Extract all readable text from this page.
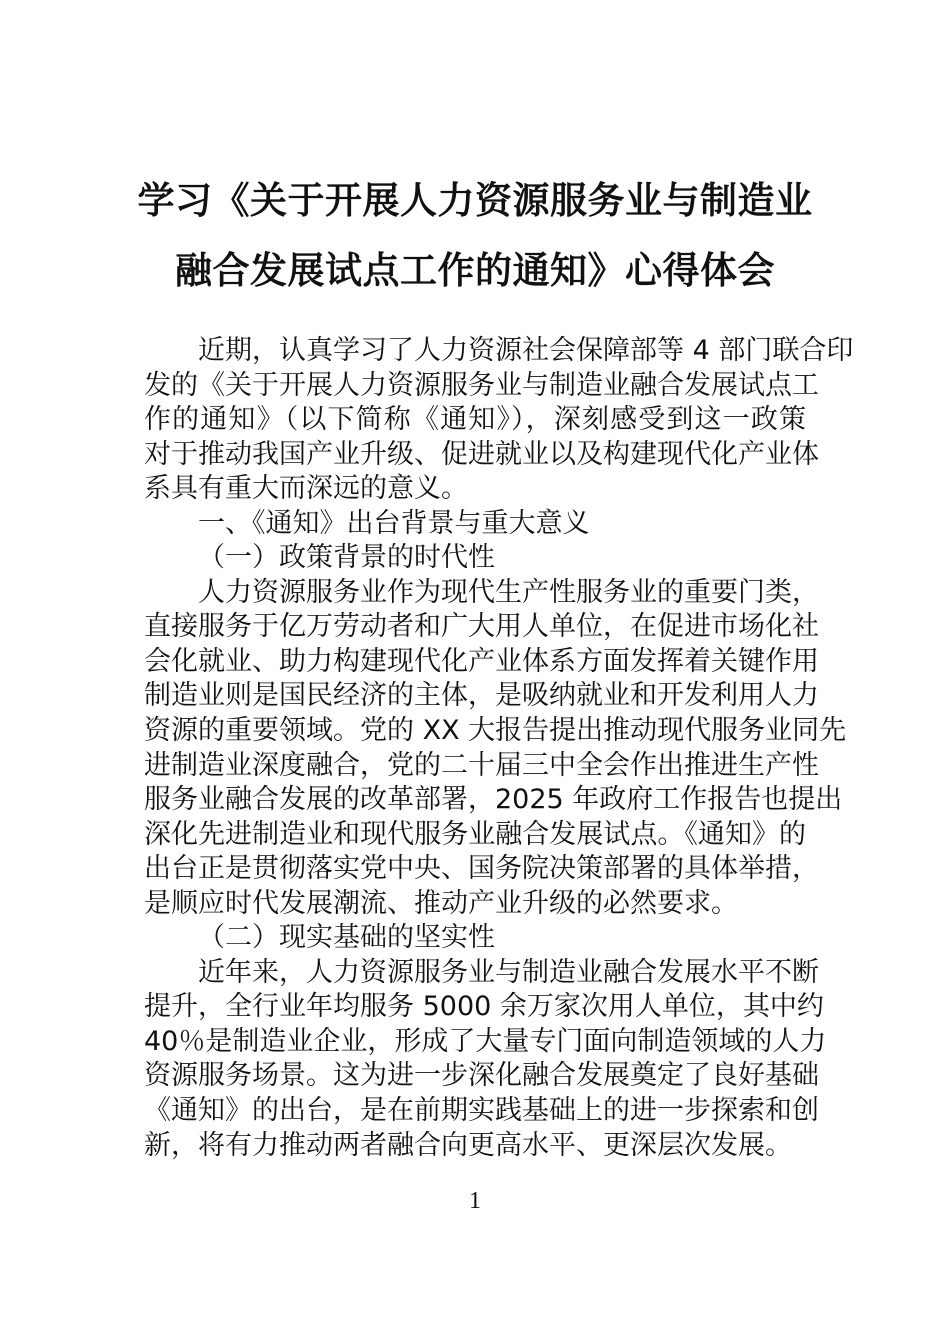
学习《关于开展人力资源服务业与制造业
融合发展试点工作的通知》心得体会
近期，认真学习了人力资源社会保障部等 4 部门联合印
发的《关于开展人力资源服务业与制造业融合发展试点工
作的通知》（以下简称《通知》），深刻感受到这一政策
对于推动我国产业升级、促进就业以及构建现代化产业体
系具有重大而深远的意义。
一、《通知》出台背景与重大意义
（一）政策背景的时代性
人力资源服务业作为现代生产性服务业的重要门类，
直接服务于亿万劳动者和广大用人单位，在促进市场化社
会化就业、助力构建现代化产业体系方面发挥着关键作用
制造业则是国民经济的主体，是吸纳就业和开发利用人力
资源的重要领域。党的 XX 大报告提出推动现代服务业同先
进制造业深度融合，党的二十届三中全会作出推进生产性
服务业融合发展的改革部署，2025 年政府工作报告也提出
深化先进制造业和现代服务业融合发展试点。《通知》的
出台正是贯彻落实党中央、国务院决策部署的具体举措，
是顺应时代发展潮流、推动产业升级的必然要求。
（二）现实基础的坚实性
近年来，人力资源服务业与制造业融合发展水平不断
提升，全行业年均服务 5000 余万家次用人单位，其中约
40％是制造业企业，形成了大量专门面向制造领域的人力
资源服务场景。这为进一步深化融合发展奠定了良好基础
《通知》的出台，是在前期实践基础上的进一步探索和创
新，将有力推动两者融合向更高水平、更深层次发展。
1
